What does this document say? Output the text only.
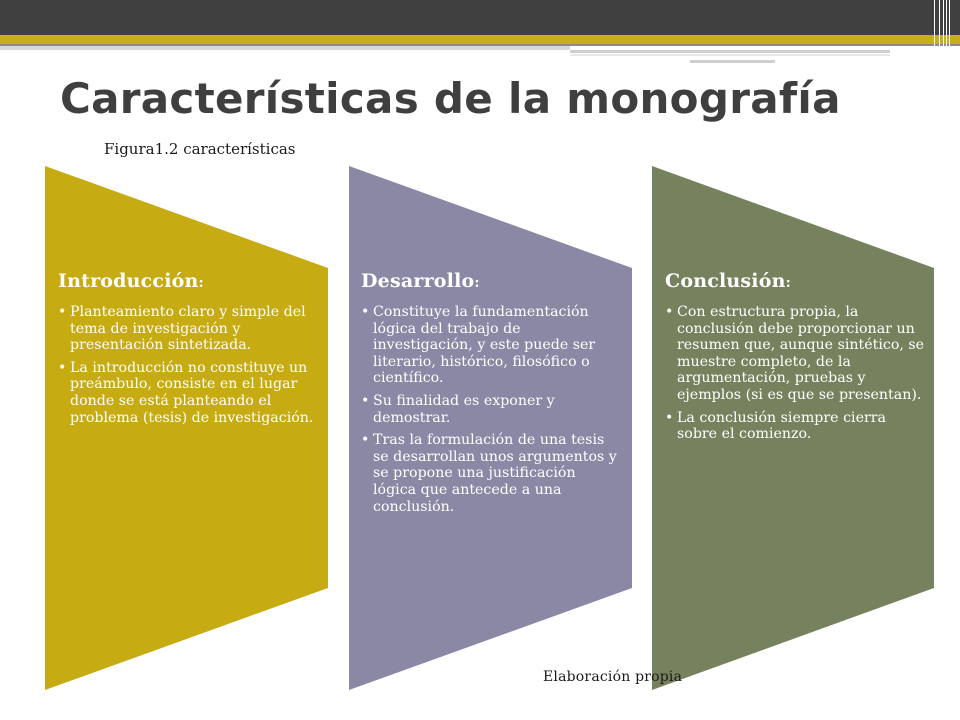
Características de la monografía
Figura1.2 características
Introducción:
• Planteamiento claro y simple del tema de investigación y presentación sintetizada.
• La introducción no constituye un preámbulo, consiste en el lugar donde se está planteando el problema (tesis) de investigación.
Desarrollo:
• Constituye la fundamentación lógica del trabajo de investigación, y este puede ser literario, histórico, filosófico o científico.
• Su finalidad es exponer y demostrar.
• Tras la formulación de una tesis se desarrollan unos argumentos y se propone una justificación lógica que antecede a una conclusión.
Conclusión:
• Con estructura propia, la conclusión debe proporcionar un resumen que, aunque sintético, se muestre completo, de la argumentación, pruebas y ejemplos (si es que se presentan).
• La conclusión siempre cierra sobre el comienzo.
Elaboración propia
